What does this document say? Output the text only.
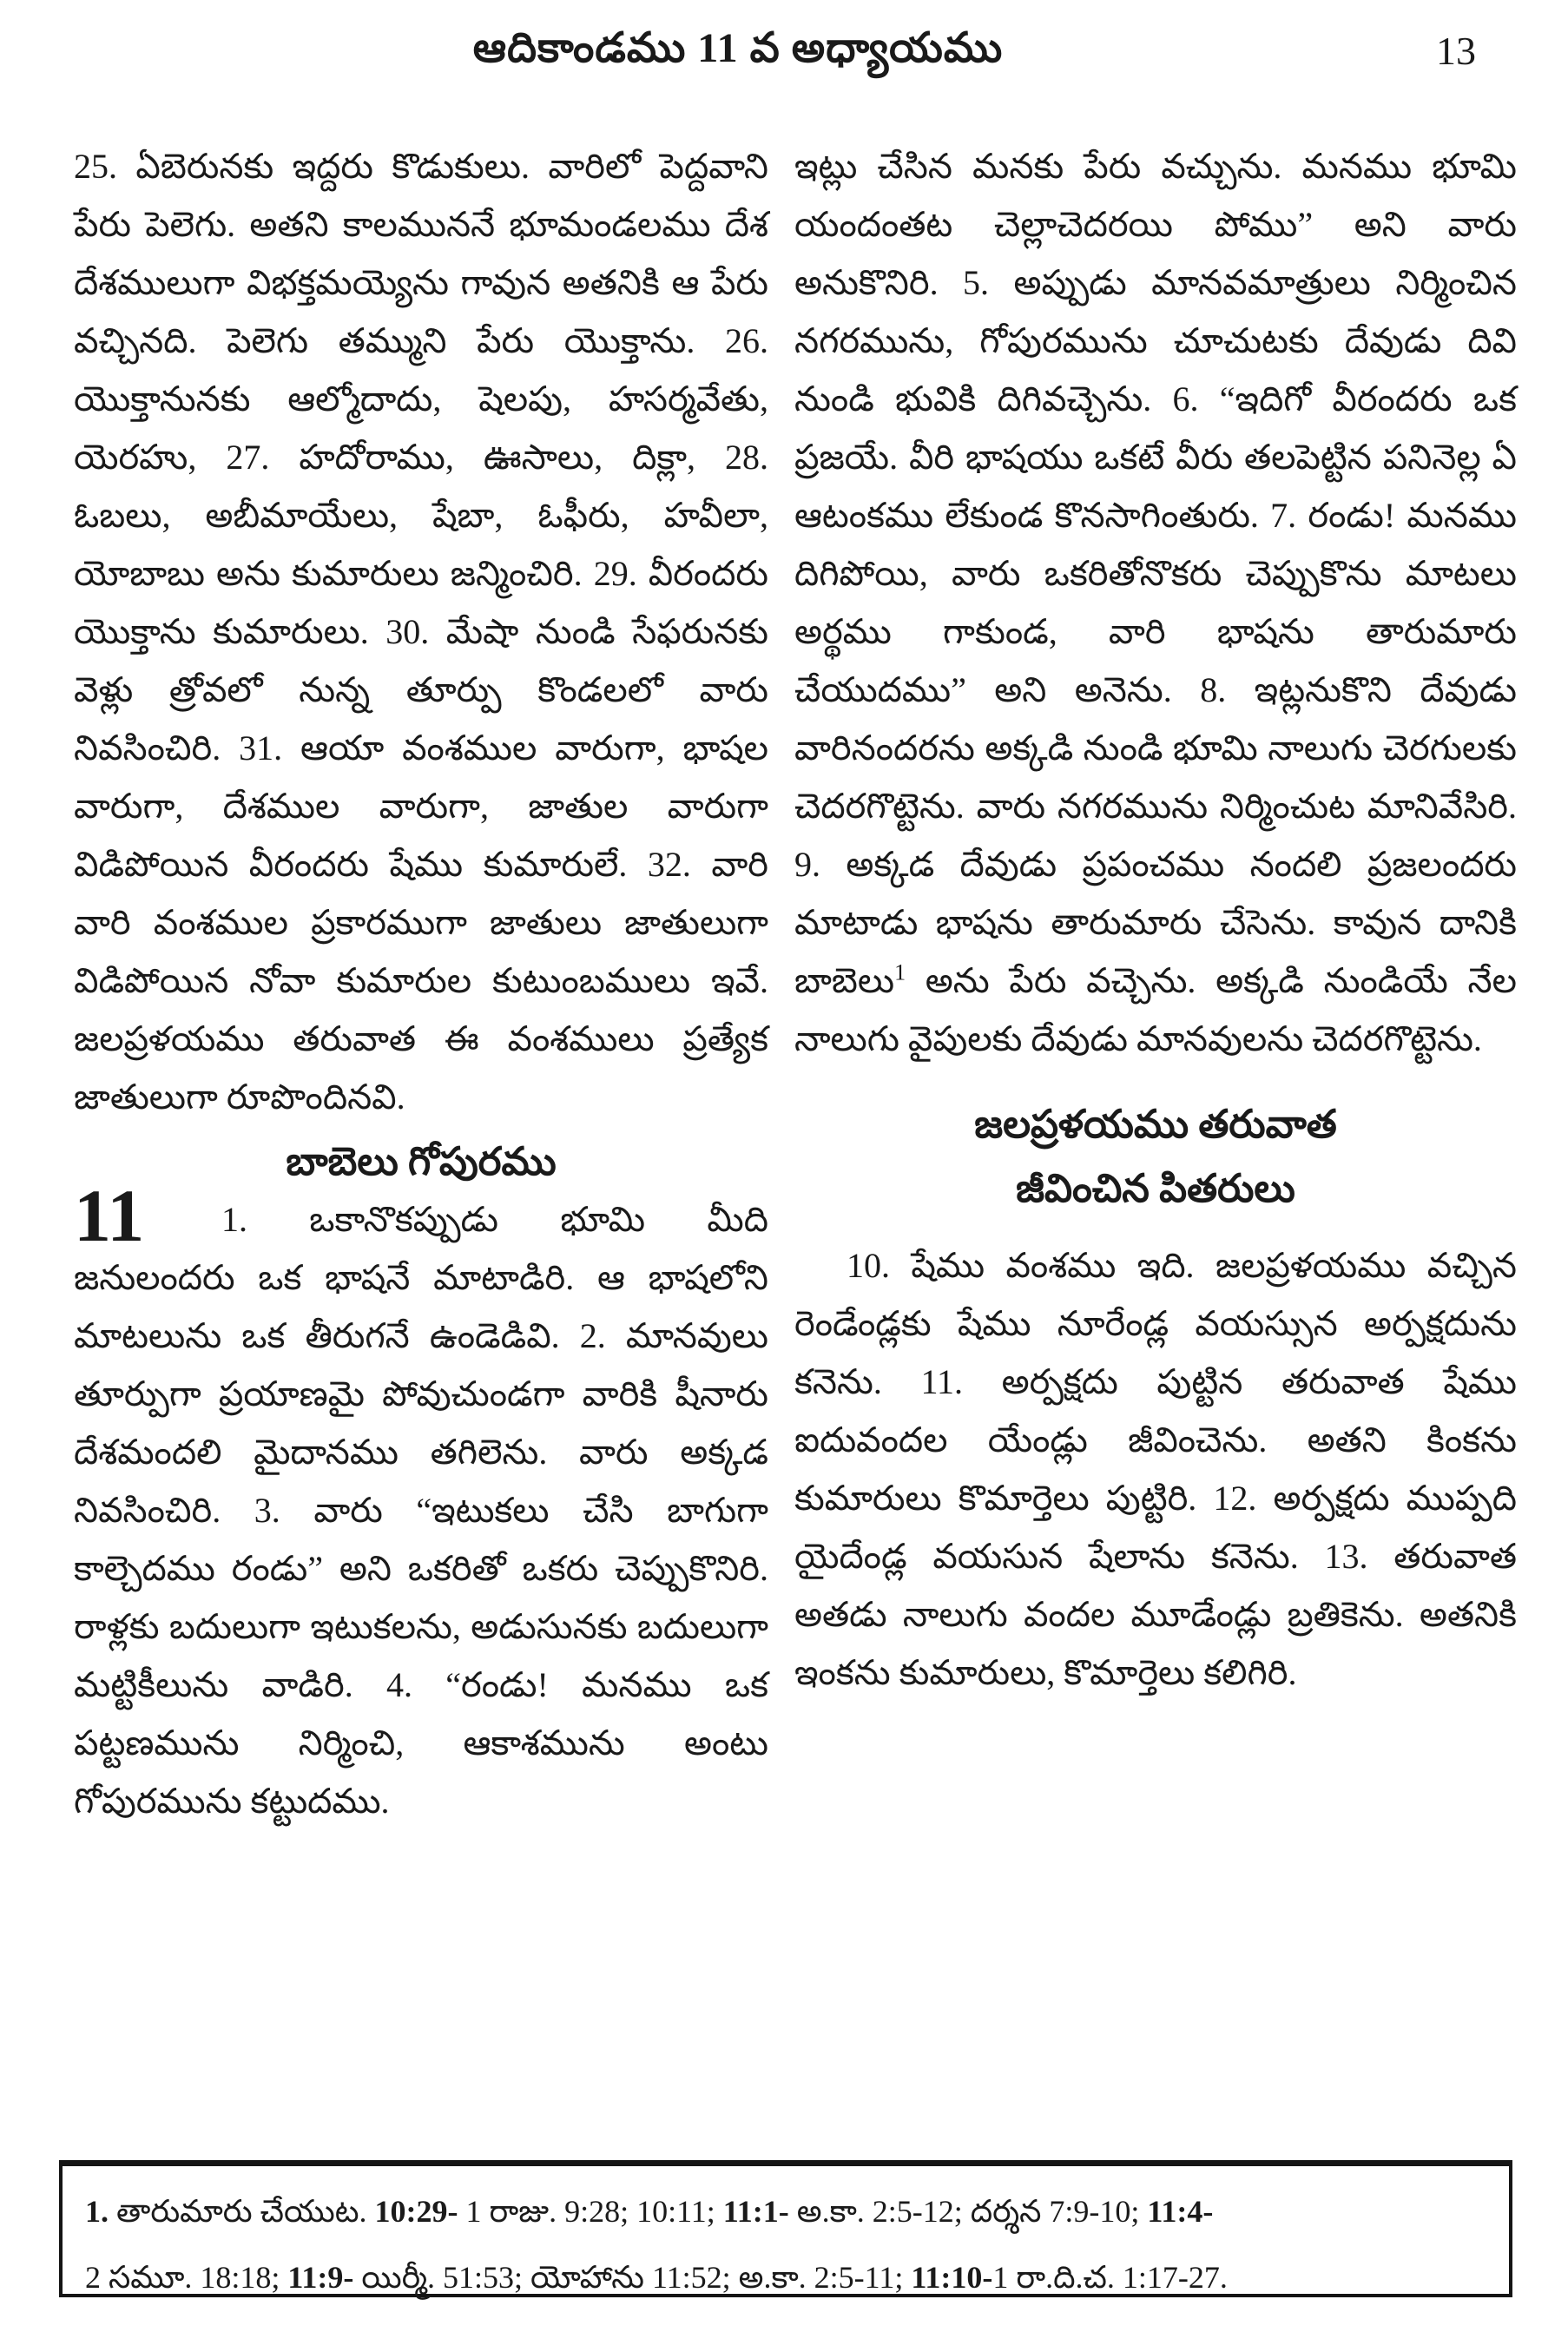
ఆదికాండము 11 వ అధ్యాయము	13

25. ఏబెరునకు ఇద్దరు కొడుకులు. వారిలో పెద్దవాని పేరు పెలెగు. అతని కాలముననే భూమండలము దేశ దేశములుగా విభక్తమయ్యెను గావున అతనికి ఆ పేరు వచ్చినది. పెలెగు తమ్ముని పేరు యొక్తాను. 26. యొక్తానునకు ఆల్మోదాదు, షెలపు, హసర్మవేతు, యెరహు, 27. హదోరాము, ఊసాలు, దిక్లా, 28. ఓబలు, అబీమాయేలు, షేబా, ఓఫీరు, హవీలా, యోబాబు అను కుమారులు జన్మించిరి. 29. వీరందరు యొక్తాను కుమారులు. 30. మేషా నుండి సేఫరునకు వెళ్లు త్రోవలో నున్న తూర్పు కొండలలో వారు నివసించిరి. 31. ఆయా వంశముల వారుగా, భాషల వారుగా, దేశముల వారుగా, జాతుల వారుగా విడిపోయిన వీరందరు షేము కుమారులే. 32. వారి వారి వంశముల ప్రకారముగా జాతులు జాతులుగా విడిపోయిన నోవా కుమారుల కుటుంబములు ఇవే. జలప్రళయము తరువాత ఈ వంశములు ప్రత్యేక జాతులుగా రూపొందినవి.

బాబెలు గోపురము
11	1. ఒకానొకప్పుడు భూమి మీది జనులందరు ఒక భాషనే మాటాడిరి. ఆ భాషలోని మాటలును ఒక తీరుగనే ఉండెడివి. 2. మానవులు తూర్పుగా ప్రయాణమై పోవుచుండగా వారికి షీనారు దేశమందలి మైదానము తగిలెను. వారు అక్కడ నివసించిరి. 3. వారు “ఇటుకలు చేసి బాగుగా కాల్చెదము రండు” అని ఒకరితో ఒకరు చెప్పుకొనిరి. రాళ్లకు బదులుగా ఇటుకలను, అడుసునకు బదులుగా మట్టికీలును వాడిరి. 4. “రండు! మనము ఒక పట్టణమును నిర్మించి, ఆకాశమును అంటు గోపురమును కట్టుదము.

ఇట్లు చేసిన మనకు పేరు వచ్చును. మనము భూమి యందంతట చెల్లాచెదరయి పోము” అని వారు అనుకొనిరి. 5. అప్పుడు మానవమాత్రులు నిర్మించిన నగరమును, గోపురమును చూచుటకు దేవుడు దివి నుండి భువికి దిగివచ్చెను. 6. “ఇదిగో వీరందరు ఒక ప్రజయే. వీరి భాషయు ఒకటే వీరు తలపెట్టిన పనినెల్ల ఏ ఆటంకము లేకుండ కొనసాగింతురు. 7. రండు! మనము దిగిపోయి, వారు ఒకరితోనొకరు చెప్పుకొను మాటలు అర్థము గాకుండ, వారి భాషను తారుమారు చేయుదము” అని అనెను. 8. ఇట్లనుకొని దేవుడు వారినందరను అక్కడి నుండి భూమి నాలుగు చెరగులకు చెదరగొట్టెను. వారు నగరమును నిర్మించుట మానివేసిరి. 9. అక్కడ దేవుడు ప్రపంచము నందలి ప్రజలందరు మాటాడు భాషను తారుమారు చేసెను. కావున దానికి బాబెలు$^1$ అను పేరు వచ్చెను. అక్కడి నుండియే నేల నాలుగు వైపులకు దేవుడు మానవులను చెదరగొట్టెను.

జలప్రళయము తరువాత
జీవించిన పితరులు

10. షేము వంశము ఇది. జలప్రళయము వచ్చిన రెండేండ్లకు షేము నూరేండ్ల వయస్సున అర్పక్షదును కనెను. 11. అర్పక్షదు పుట్టిన తరువాత షేము ఐదువందల యేండ్లు జీవించెను. అతని కింకను కుమారులు కొమార్తెలు పుట్టిరి. 12. అర్పక్షదు ముప్పది యైదేండ్ల వయసున షేలాను కనెను. 13. తరువాత అతడు నాలుగు వందల మూడేండ్లు బ్రతికెను. అతనికి ఇంకను కుమారులు, కొమార్తెలు కలిగిరి.

1. తారుమారు చేయుట. 10:29- 1 రాజు. 9:28; 10:11; 11:1- అ.కా. 2:5-12; దర్శన 7:9-10; 11:4-

2 సమూ. 18:18; 11:9- యిర్మీ. 51:53; యోహాను 11:52; అ.కా. 2:5-11; 11:10-1 రా.ది.చ. 1:17-27.
